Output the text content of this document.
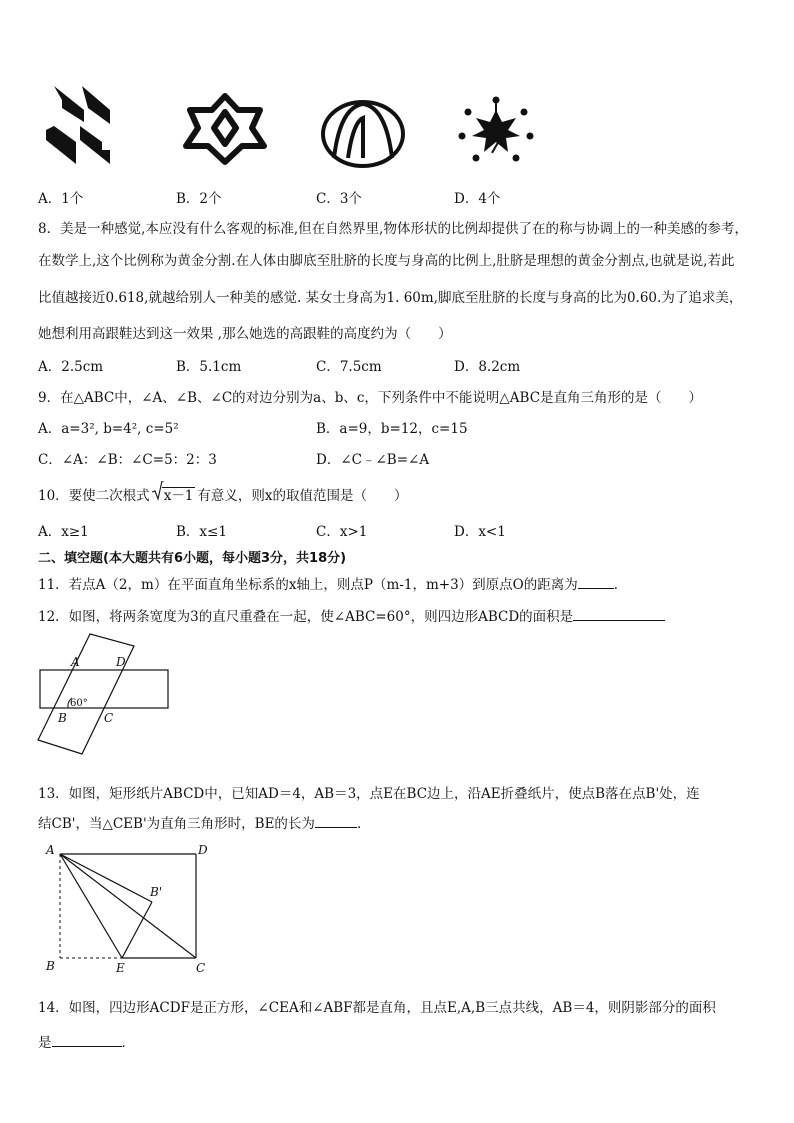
A．1个	B．2个	C．3个	D．4个
8．美是一种感觉,本应没有什么客观的标准,但在自然界里,物体形状的比例却提供了在的称与协调上的一种美感的参考，
在数学上,这个比例称为黄金分割.在人体由脚底至肚脐的长度与身高的比例上,肚脐是理想的黄金分割点,也就是说,若此
比值越接近0.618,就越给别人一种美的感觉. 某女士身高为1. 60m,脚底至肚脐的长度与身高的比为0.60.为了追求美，
她想利用高跟鞋达到这一效果 ,那么她选的高跟鞋的高度约为（　　）
A．2.5cm	B．5.1cm	C．7.5cm	D．8.2cm
9．在△ABC中，∠A、∠B、∠C的对边分别为a、b、c，下列条件中不能说明△ABC是直角三角形的是（　　）
A．a=3², b=4², c=5²	B．a=9，b=12，c=15
C．∠A：∠B：∠C=5：2：3	D．∠C﹣∠B=∠A
10．要使二次根式 x－1 有意义，则x的取值范围是（　　）
A．x≥1	B．x≤1	C．x>1	D．x<1
二、填空题(本大题共有6小题，每小题3分，共18分)
11．若点A（2，m）在平面直角坐标系的x轴上，则点P（m-1，m+3）到原点O的距离为	．
12．如图，将两条宽度为3的直尺重叠在一起，使∠ABC=60°，则四边形ABCD的面积是
A	D
B	C
60°
13．如图，矩形纸片ABCD中，已知AD＝4，AB＝3，点E在BC边上，沿AE折叠纸片，使点B落在点B'处，连
结CB'，当△CEB'为直角三角形时，BE的长为	．
A	D
B'
B	E	C
14．如图，四边形ACDF是正方形，∠CEA和∠ABF都是直角，且点E,A,B三点共线，AB＝4，则阴影部分的面积
是	．
